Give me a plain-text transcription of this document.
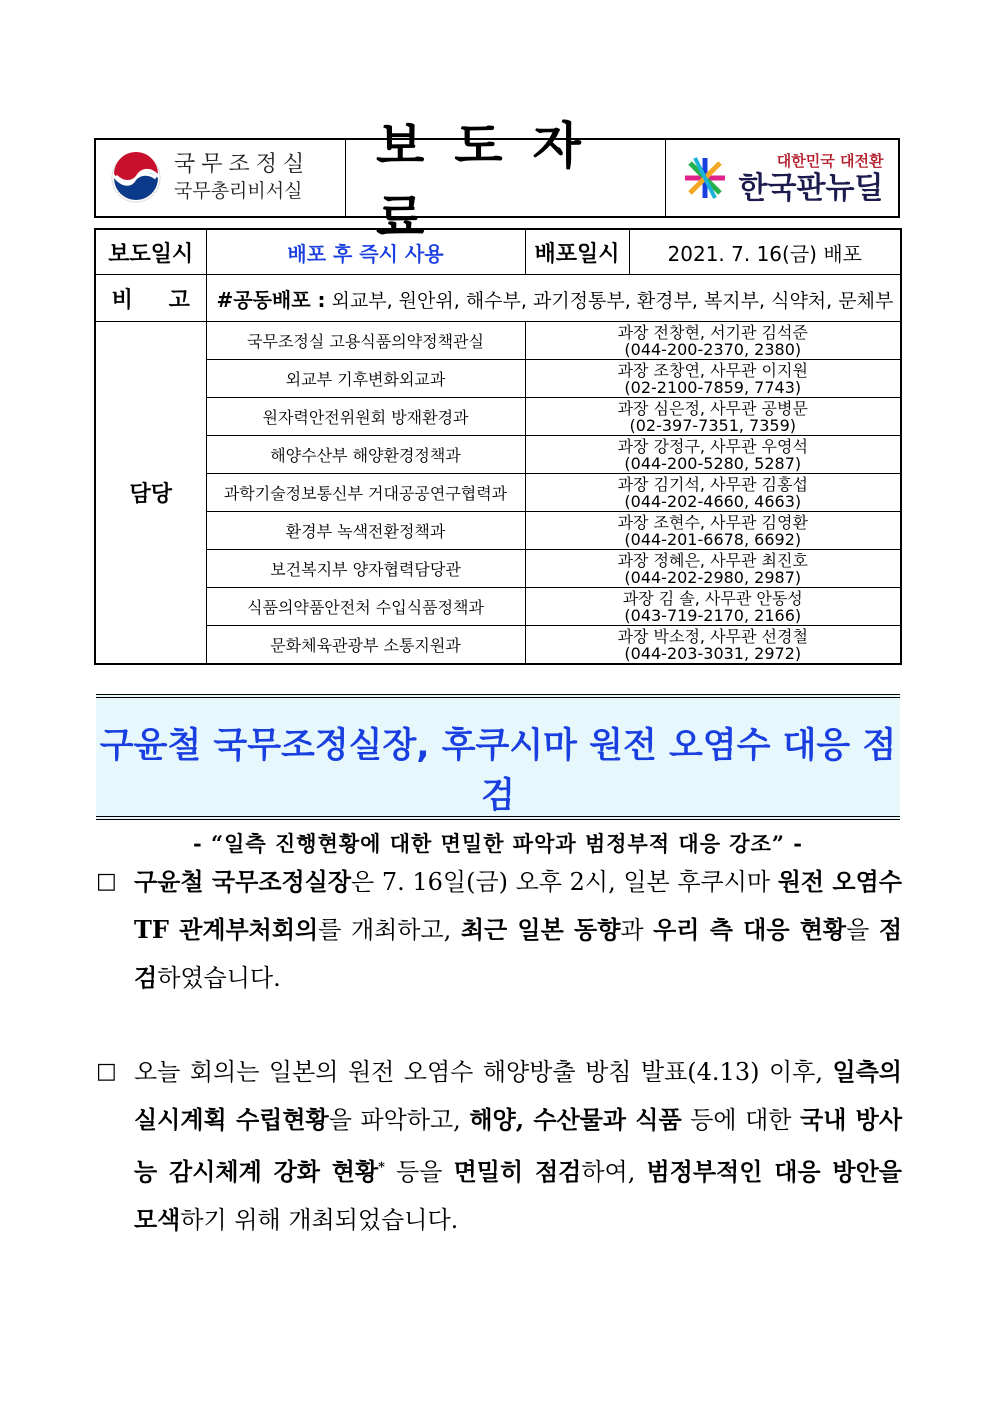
국무조정실
국무총리비서실
보도자료
대한민국 대전환
한국판뉴딜
보도일시	배포 후 즉시 사용	배포일시	2021. 7. 16(금) 배포
비 고	#공동배포 : 외교부, 원안위, 해수부, 과기정통부, 환경부, 복지부, 식약처, 문체부		
담당	국무조정실 고용식품의약정책관실	과장 전창현, 서기관 김석준
(044-200-2370, 2380)	

	외교부 기후변화외교과	과장 조창연, 사무관 이지원
(02-2100-7859, 7743)	

	원자력안전위원회 방재환경과	과장 심은정, 사무관 공병문
(02-397-7351, 7359)	

	해양수산부 해양환경정책과	과장 강정구, 사무관 우영석
(044-200-5280, 5287)	

	과학기술정보통신부 거대공공연구협력과	과장 김기석, 사무관 김홍섭
(044-202-4660, 4663)	

	환경부 녹색전환정책과	과장 조현수, 사무관 김영환
(044-201-6678, 6692)	

	보건복지부 양자협력담당관	과장 정혜은, 사무관 최진호
(044-202-2980, 2987)	

	식품의약품안전처 수입식품정책과	과장 김 솔, 사무관 안동성
(043-719-2170, 2166)	

	문화체육관광부 소통지원과	과장 박소정, 사무관 선경철
(044-203-3031, 2972)	
구윤철 국무조정실장, 후쿠시마 원전 오염수 대응 점검
- “일측 진행현황에 대한 면밀한 파악과 범정부적 대응 강조” -
□ 구윤철 국무조정실장은 7. 16일(금) 오후 2시, 일본 후쿠시마 원전 오염수 TF 관계부처회의를 개최하고, 최근 일본 동향과 우리 측 대응 현황을 점검하였습니다.
□ 오늘 회의는 일본의 원전 오염수 해양방출 방침 발표(4.13) 이후, 일측의 실시계획 수립현황을 파악하고, 해양, 수산물과 식품 등에 대한 국내 방사능 감시체계 강화 현황* 등을 면밀히 점검하여, 범정부적인 대응 방안을 모색하기 위해 개최되었습니다.
